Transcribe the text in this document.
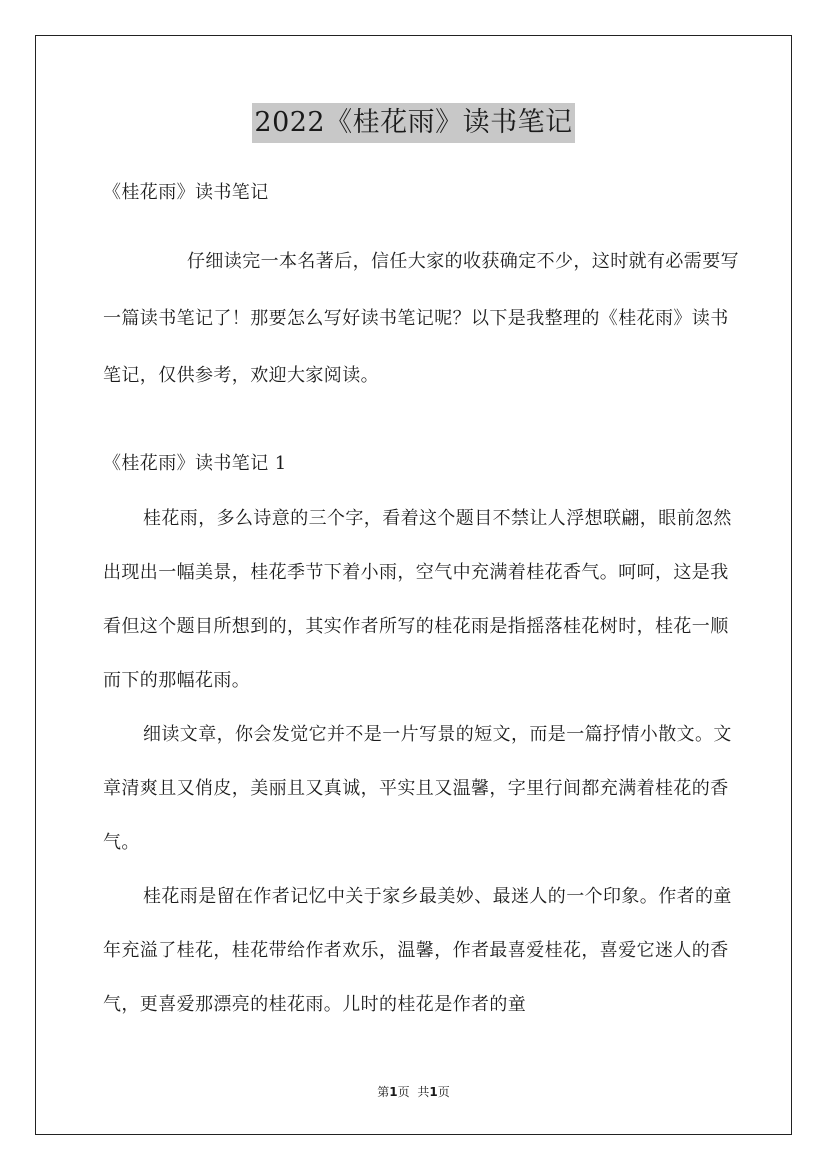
2022《桂花雨》读书笔记
《桂花雨》读书笔记
仔细读完一本名著后，信任大家的收获确定不少，这时就有必需要写一篇读书笔记了！那要怎么写好读书笔记呢？以下是我整理的《桂花雨》读书笔记，仅供参考，欢迎大家阅读。
《桂花雨》读书笔记 1
桂花雨，多么诗意的三个字，看着这个题目不禁让人浮想联翩，眼前忽然出现出一幅美景，桂花季节下着小雨，空气中充满着桂花香气。呵呵，这是我看但这个题目所想到的，其实作者所写的桂花雨是指摇落桂花树时，桂花一顺而下的那幅花雨。
细读文章，你会发觉它并不是一片写景的短文，而是一篇抒情小散文。文章清爽且又俏皮，美丽且又真诚，平实且又温馨，字里行间都充满着桂花的香气。
桂花雨是留在作者记忆中关于家乡最美妙、最迷人的一个印象。作者的童年充溢了桂花，桂花带给作者欢乐，温馨，作者最喜爱桂花，喜爱它迷人的香气，更喜爱那漂亮的桂花雨。儿时的桂花是作者的童
第1页 共1页
